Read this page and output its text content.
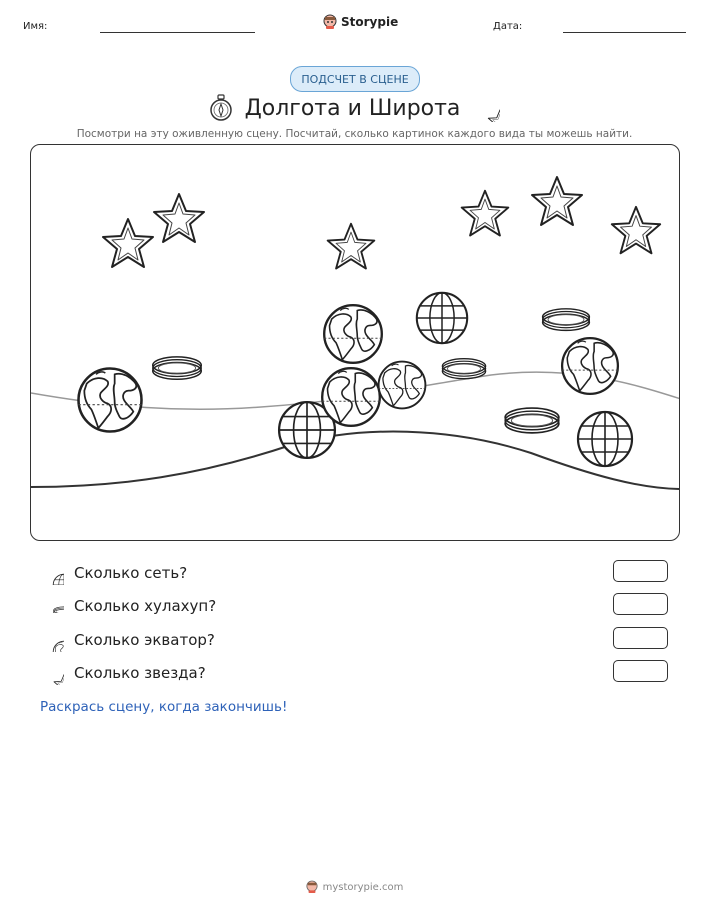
Имя:	Storypie	Дата:
ПОДСЧЕТ В СЦЕНЕ
Долгота и Широта
Посмотри на эту оживленную сцену. Посчитай, сколько картинок каждого вида ты можешь найти.
Сколько сеть?
Сколько хулахуп?
Сколько экватор?
Сколько звезда?
Раскрась сцену, когда закончишь!
mystorypie.com
